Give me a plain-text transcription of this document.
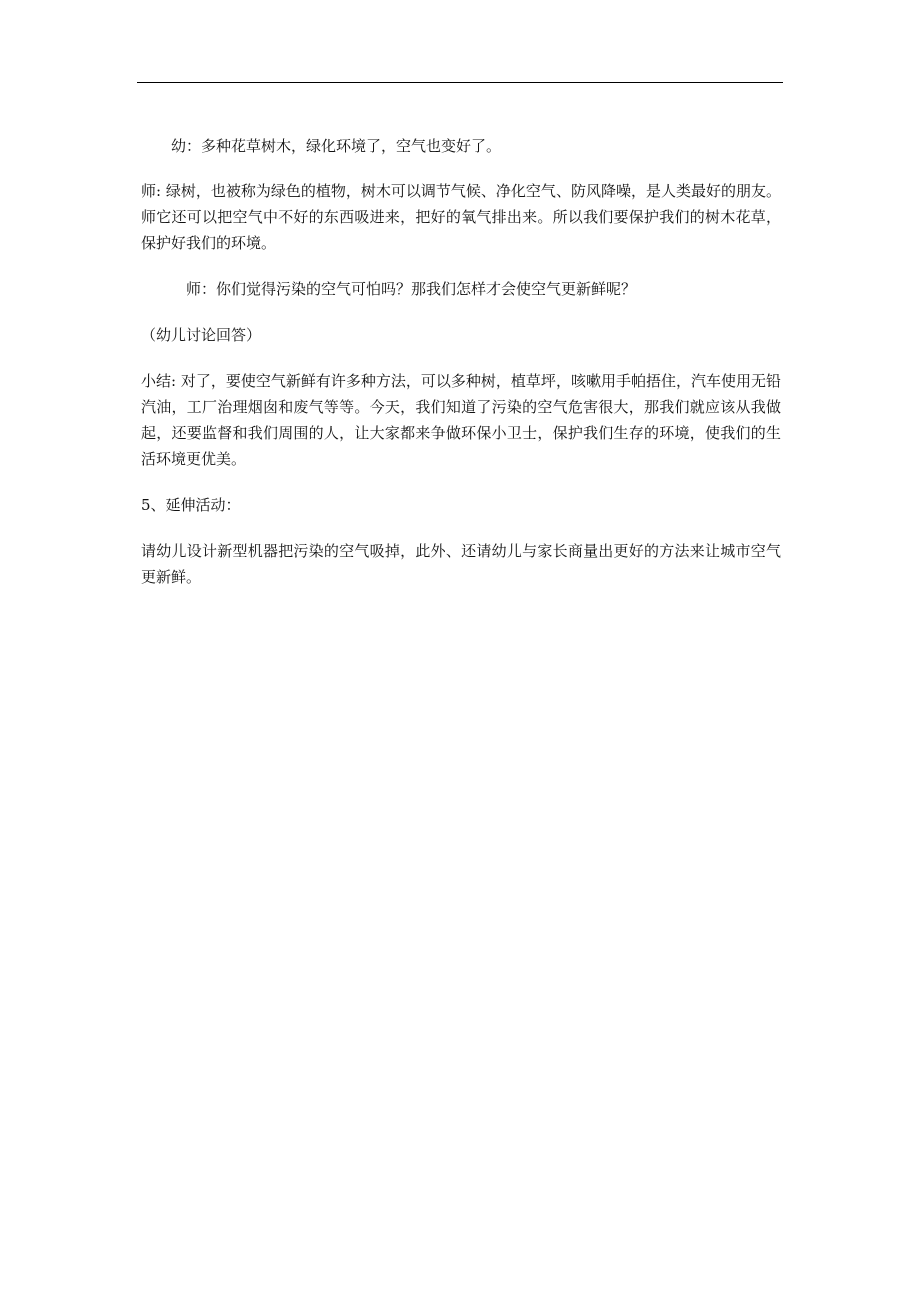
幼：多种花草树木，绿化环境了，空气也变好了。

师: 绿树，也被称为绿色的植物，树木可以调节气候、净化空气、防风降噪，是人类最好的朋友。师它还可以把空气中不好的东西吸进来，把好的氧气排出来。所以我们要保护我们的树木花草，保护好我们的环境。

师：你们觉得污染的空气可怕吗？那我们怎样才会使空气更新鲜呢？

（幼儿讨论回答）

小结: 对了，要使空气新鲜有许多种方法，可以多种树，植草坪，咳嗽用手帕捂住，汽车使用无铅汽油，工厂治理烟囱和废气等等。今天，我们知道了污染的空气危害很大，那我们就应该从我做起，还要监督和我们周围的人，让大家都来争做环保小卫士，保护我们生存的环境，使我们的生活环境更优美。

5、延伸活动：

请幼儿设计新型机器把污染的空气吸掉，此外、还请幼儿与家长商量出更好的方法来让城市空气更新鲜。
